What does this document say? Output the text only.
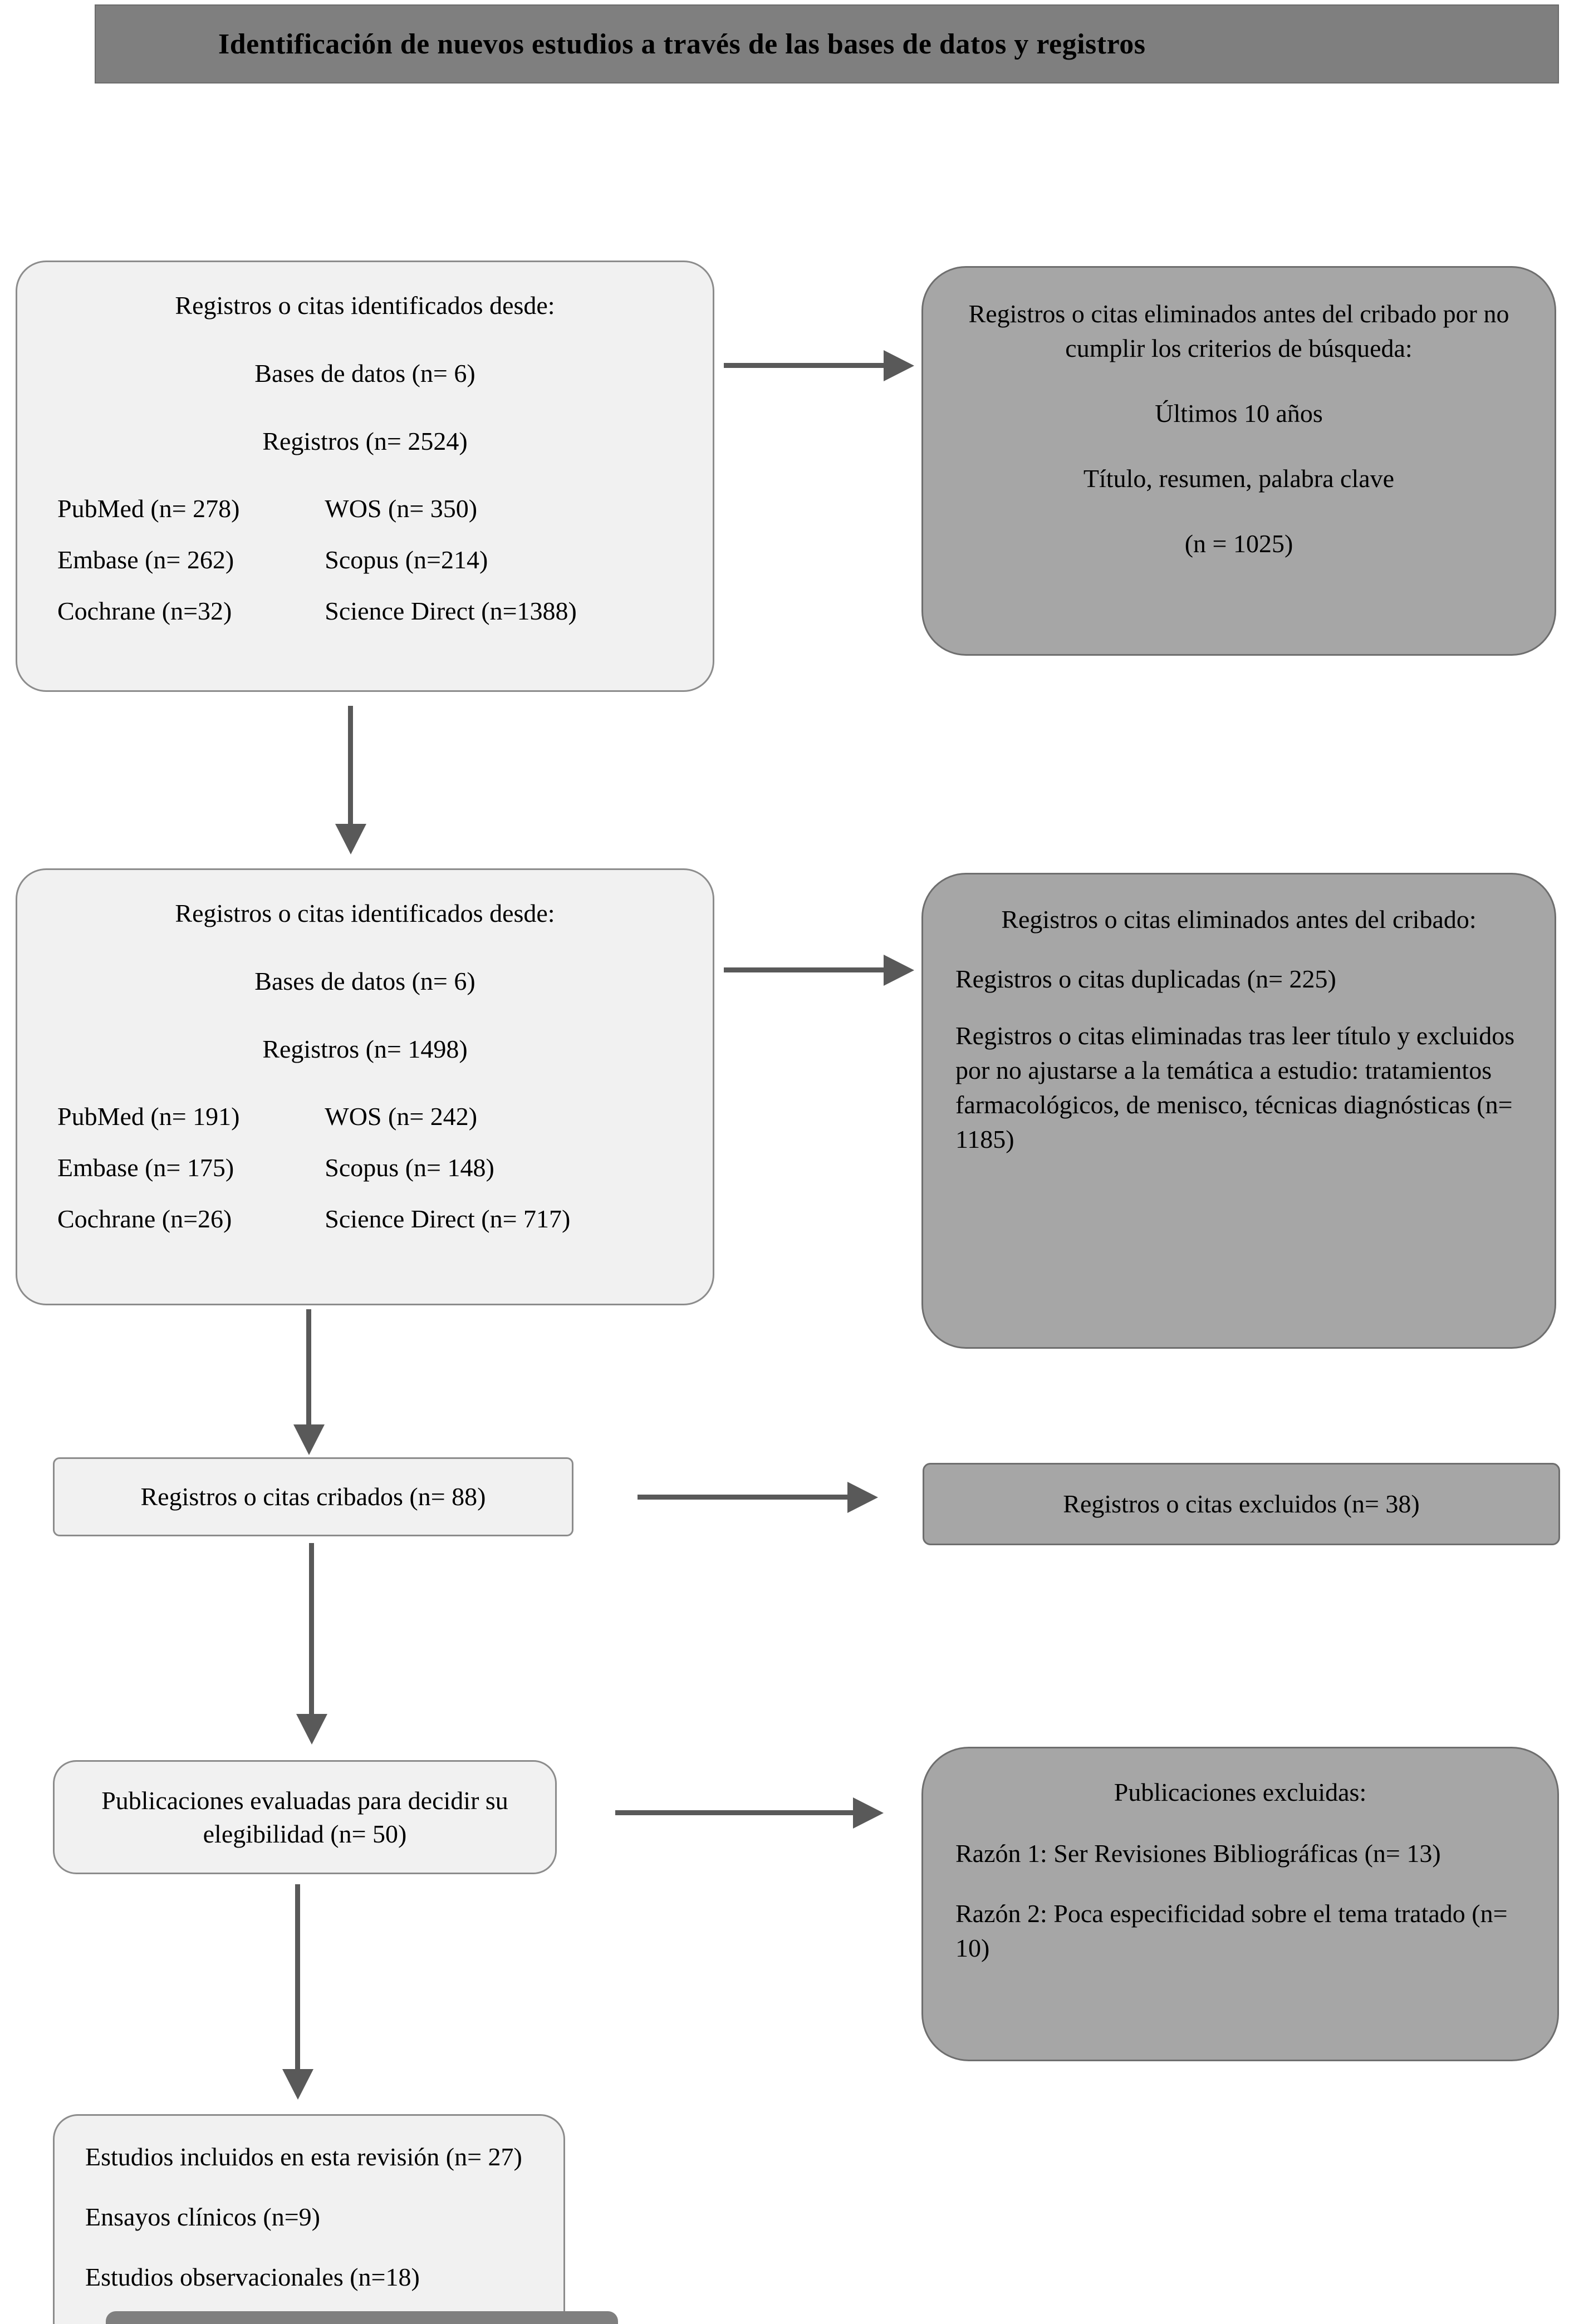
Identificación de nuevos estudios a través de las bases de datos y registros
Registros o citas identificados desde:
Bases de datos (n= 6)
Registros (n= 2524)
PubMed (n= 278)	WOS (n= 350)
Embase (n= 262)	Scopus (n=214)
Cochrane (n=32)	Science Direct (n=1388)
Registros o citas eliminados antes del cribado por no cumplir los criterios de búsqueda:
Últimos 10 años
Título, resumen, palabra clave
(n = 1025)
Registros o citas identificados desde:
Bases de datos (n= 6)
Registros (n= 1498)
PubMed (n= 191)	WOS (n= 242)
Embase (n= 175)	Scopus (n= 148)
Cochrane (n=26)	Science Direct (n= 717)
Registros o citas eliminados antes del cribado:
Registros o citas duplicadas (n= 225)
Registros o citas eliminadas tras leer título y excluidos por no ajustarse a la temática a estudio: tratamientos farmacológicos, de menisco, técnicas diagnósticas (n= 1185)
Registros o citas cribados (n= 88)	Registros o citas excluidos (n= 38)
Publicaciones evaluadas para decidir su elegibilidad (n= 50)
Publicaciones excluidas:
Razón 1: Ser Revisiones Bibliográficas (n= 13)
Razón 2: Poca especificidad sobre el tema tratado (n= 10)
Estudios incluidos en esta revisión (n= 27)
Ensayos clínicos (n=9)
Estudios observacionales (n=18)
